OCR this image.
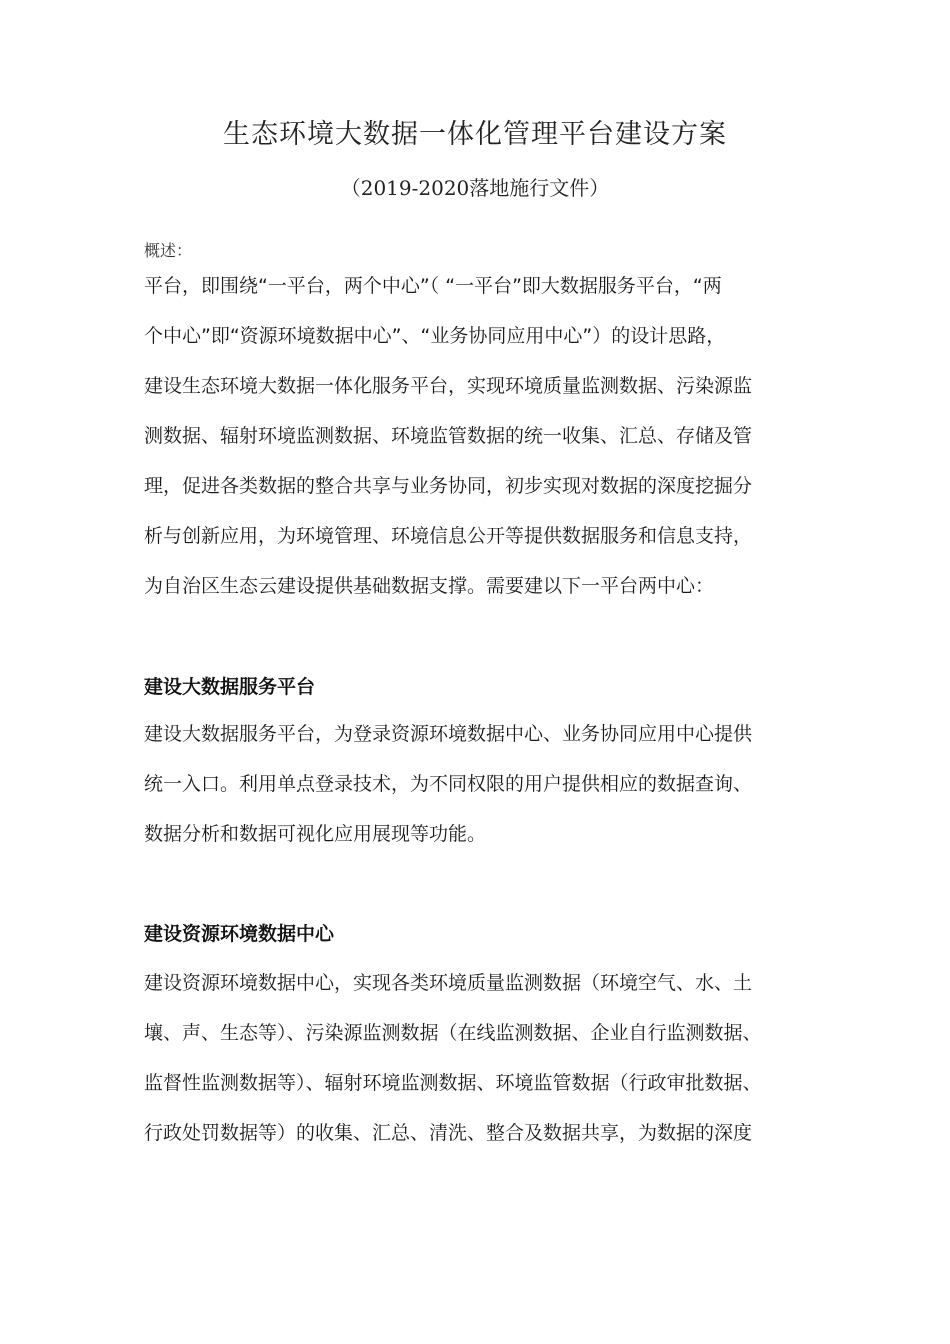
生态环境大数据一体化管理平台建设方案
（2019-2020落地施行文件）
概述：
平台，即围绕“一平台，两个中心”（ “一平台”即大数据服务平台，“两
个中心”即“资源环境数据中心”、“业务协同应用中心”）的设计思路，
建设生态环境大数据一体化服务平台，实现环境质量监测数据、污染源监
测数据、辐射环境监测数据、环境监管数据的统一收集、汇总、存储及管
理，促进各类数据的整合共享与业务协同，初步实现对数据的深度挖掘分
析与创新应用，为环境管理、环境信息公开等提供数据服务和信息支持，
为自治区生态云建设提供基础数据支撑。需要建以下一平台两中心：
建设大数据服务平台
建设大数据服务平台，为登录资源环境数据中心、业务协同应用中心提供
统一入口。利用单点登录技术，为不同权限的用户提供相应的数据查询、
数据分析和数据可视化应用展现等功能。
建设资源环境数据中心
建设资源环境数据中心，实现各类环境质量监测数据（环境空气、水、土
壤、声、生态等）、污染源监测数据（在线监测数据、企业自行监测数据、
监督性监测数据等）、辐射环境监测数据、环境监管数据（行政审批数据、
行政处罚数据等）的收集、汇总、清洗、整合及数据共享，为数据的深度
